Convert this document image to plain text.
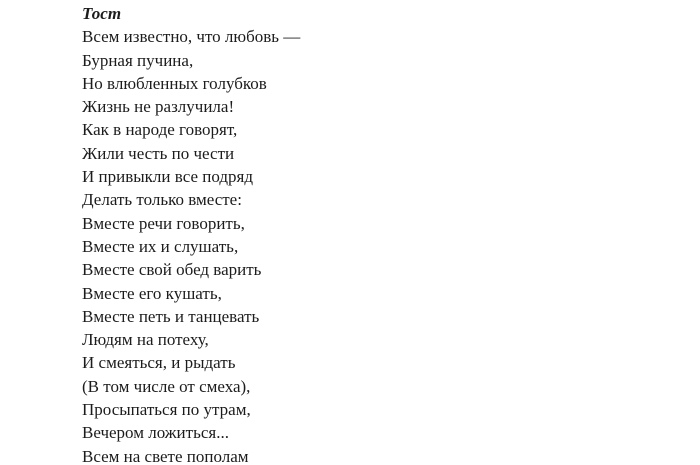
Тост

Всем известно, что любовь —

Бурная пучина,

Но влюбленных голубков

Жизнь не разлучила!

Как в народе говорят,

Жили честь по чести

И привыкли все подряд

Делать только вместе:

Вместе речи говорить,

Вместе их и слушать,

Вместе свой обед варить

Вместе его кушать,

Вместе петь и танцевать

Людям на потеху,

И смеяться, и рыдать

(В том числе от смеха),

Просыпаться по утрам,

Вечером ложиться...

Всем на свете пополам
